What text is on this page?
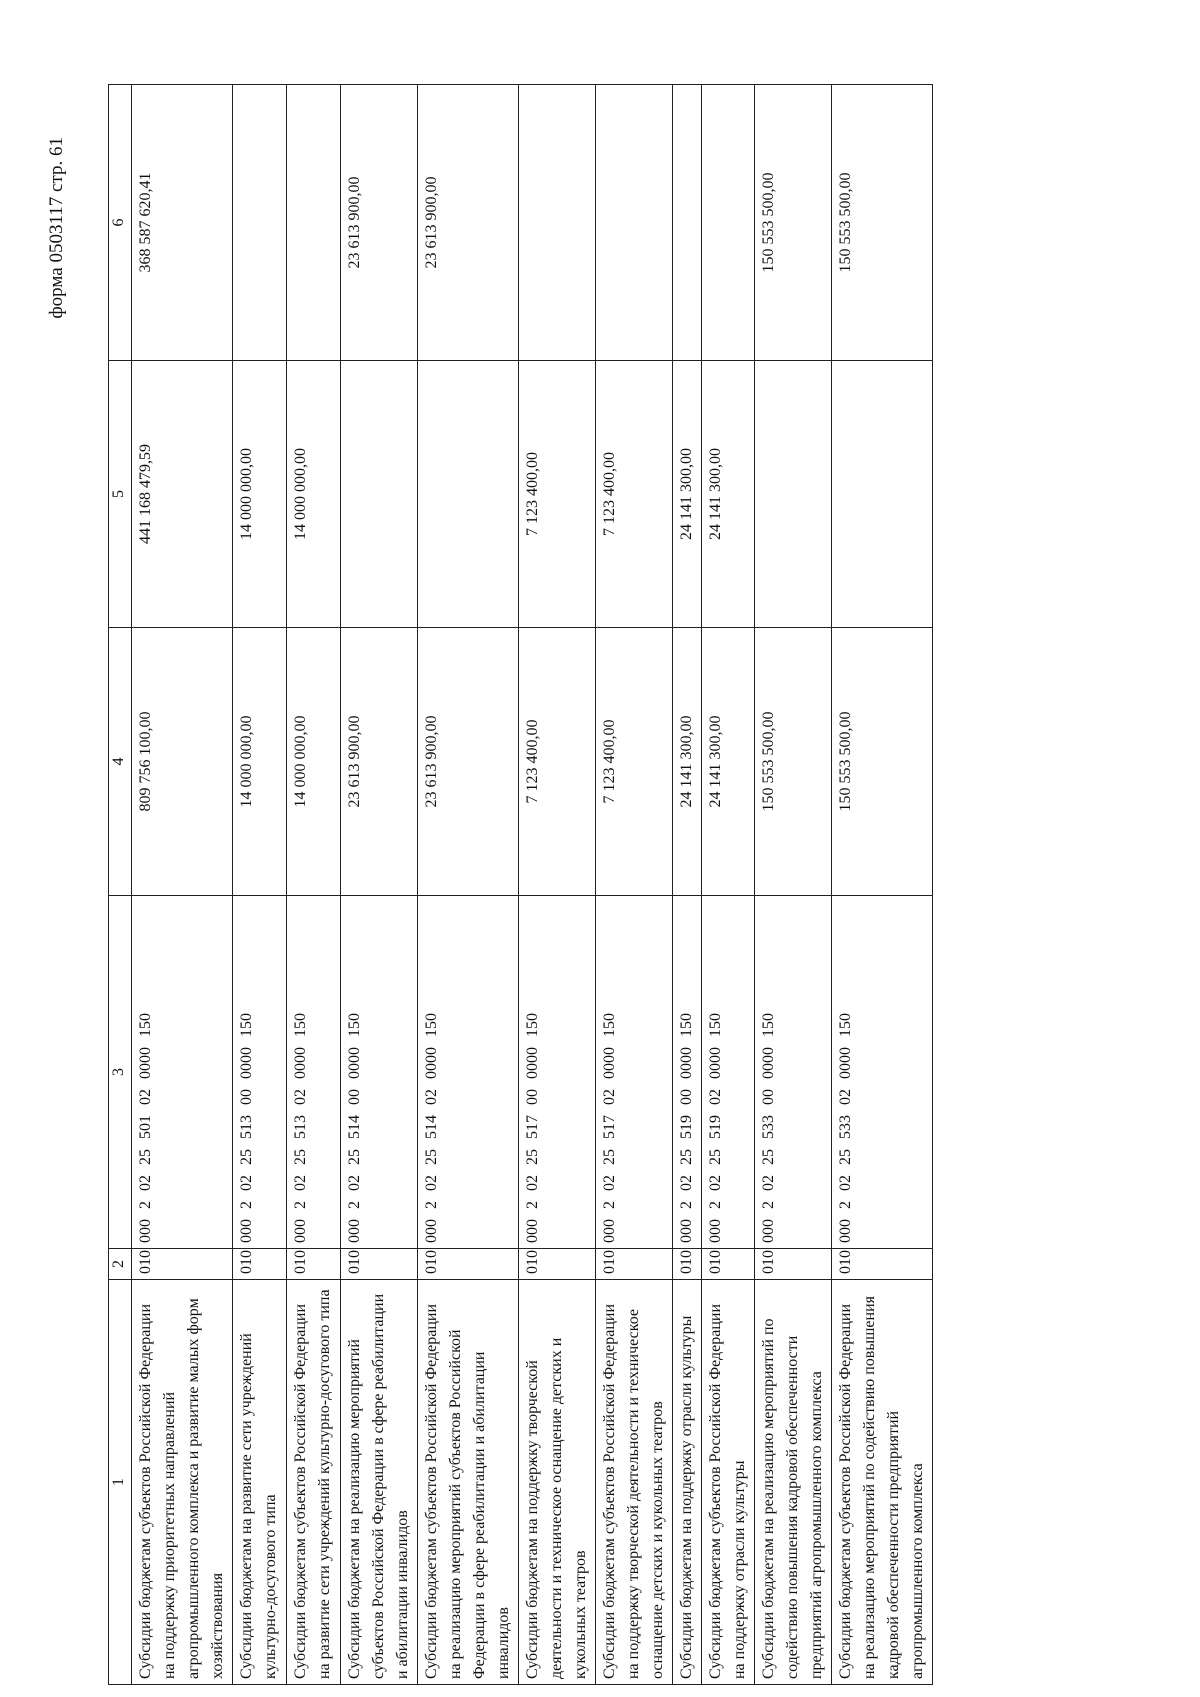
форма 0503117 стр. 61
1	2	3	4	5	6
Субсидии бюджетам субъектов Российской Федерации на поддержку приоритетных направлений агропромышленного комплекса и развитие малых форм хозяйствования	010	000 2 02 25 501 02 0000 150	809 756 100,00	441 168 479,59	368 587 620,41
Субсидии бюджетам на развитие сети учреждений культурно-досугового типа	010	000 2 02 25 513 00 0000 150	14 000 000,00	14 000 000,00	
Субсидии бюджетам субъектов Российской Федерации на развитие сети учреждений культурно-досугового типа	010	000 2 02 25 513 02 0000 150	14 000 000,00	14 000 000,00	
Субсидии бюджетам на реализацию мероприятий субъектов Российской Федерации в сфере реабилитации и абилитации инвалидов	010	000 2 02 25 514 00 0000 150	23 613 900,00		23 613 900,00
Субсидии бюджетам субъектов Российской Федерации на реализацию мероприятий субъектов Российской Федерации в сфере реабилитации и абилитации инвалидов	010	000 2 02 25 514 02 0000 150	23 613 900,00		23 613 900,00
Субсидии бюджетам на поддержку творческой деятельности и техническое оснащение детских и кукольных театров	010	000 2 02 25 517 00 0000 150	7 123 400,00	7 123 400,00	
Субсидии бюджетам субъектов Российской Федерации на поддержку творческой деятельности и техническое оснащение детских и кукольных театров	010	000 2 02 25 517 02 0000 150	7 123 400,00	7 123 400,00	
Субсидии бюджетам на поддержку отрасли культуры	010	000 2 02 25 519 00 0000 150	24 141 300,00	24 141 300,00	
Субсидии бюджетам субъектов Российской Федерации на поддержку отрасли культуры	010	000 2 02 25 519 02 0000 150	24 141 300,00	24 141 300,00	
Субсидии бюджетам на реализацию мероприятий по содействию повышения кадровой обеспеченности предприятий агропромышленного комплекса	010	000 2 02 25 533 00 0000 150	150 553 500,00		150 553 500,00
Субсидии бюджетам субъектов Российской Федерации на реализацию мероприятий по содействию повышения кадровой обеспеченности предприятий агропромышленного комплекса	010	000 2 02 25 533 02 0000 150	150 553 500,00		150 553 500,00
